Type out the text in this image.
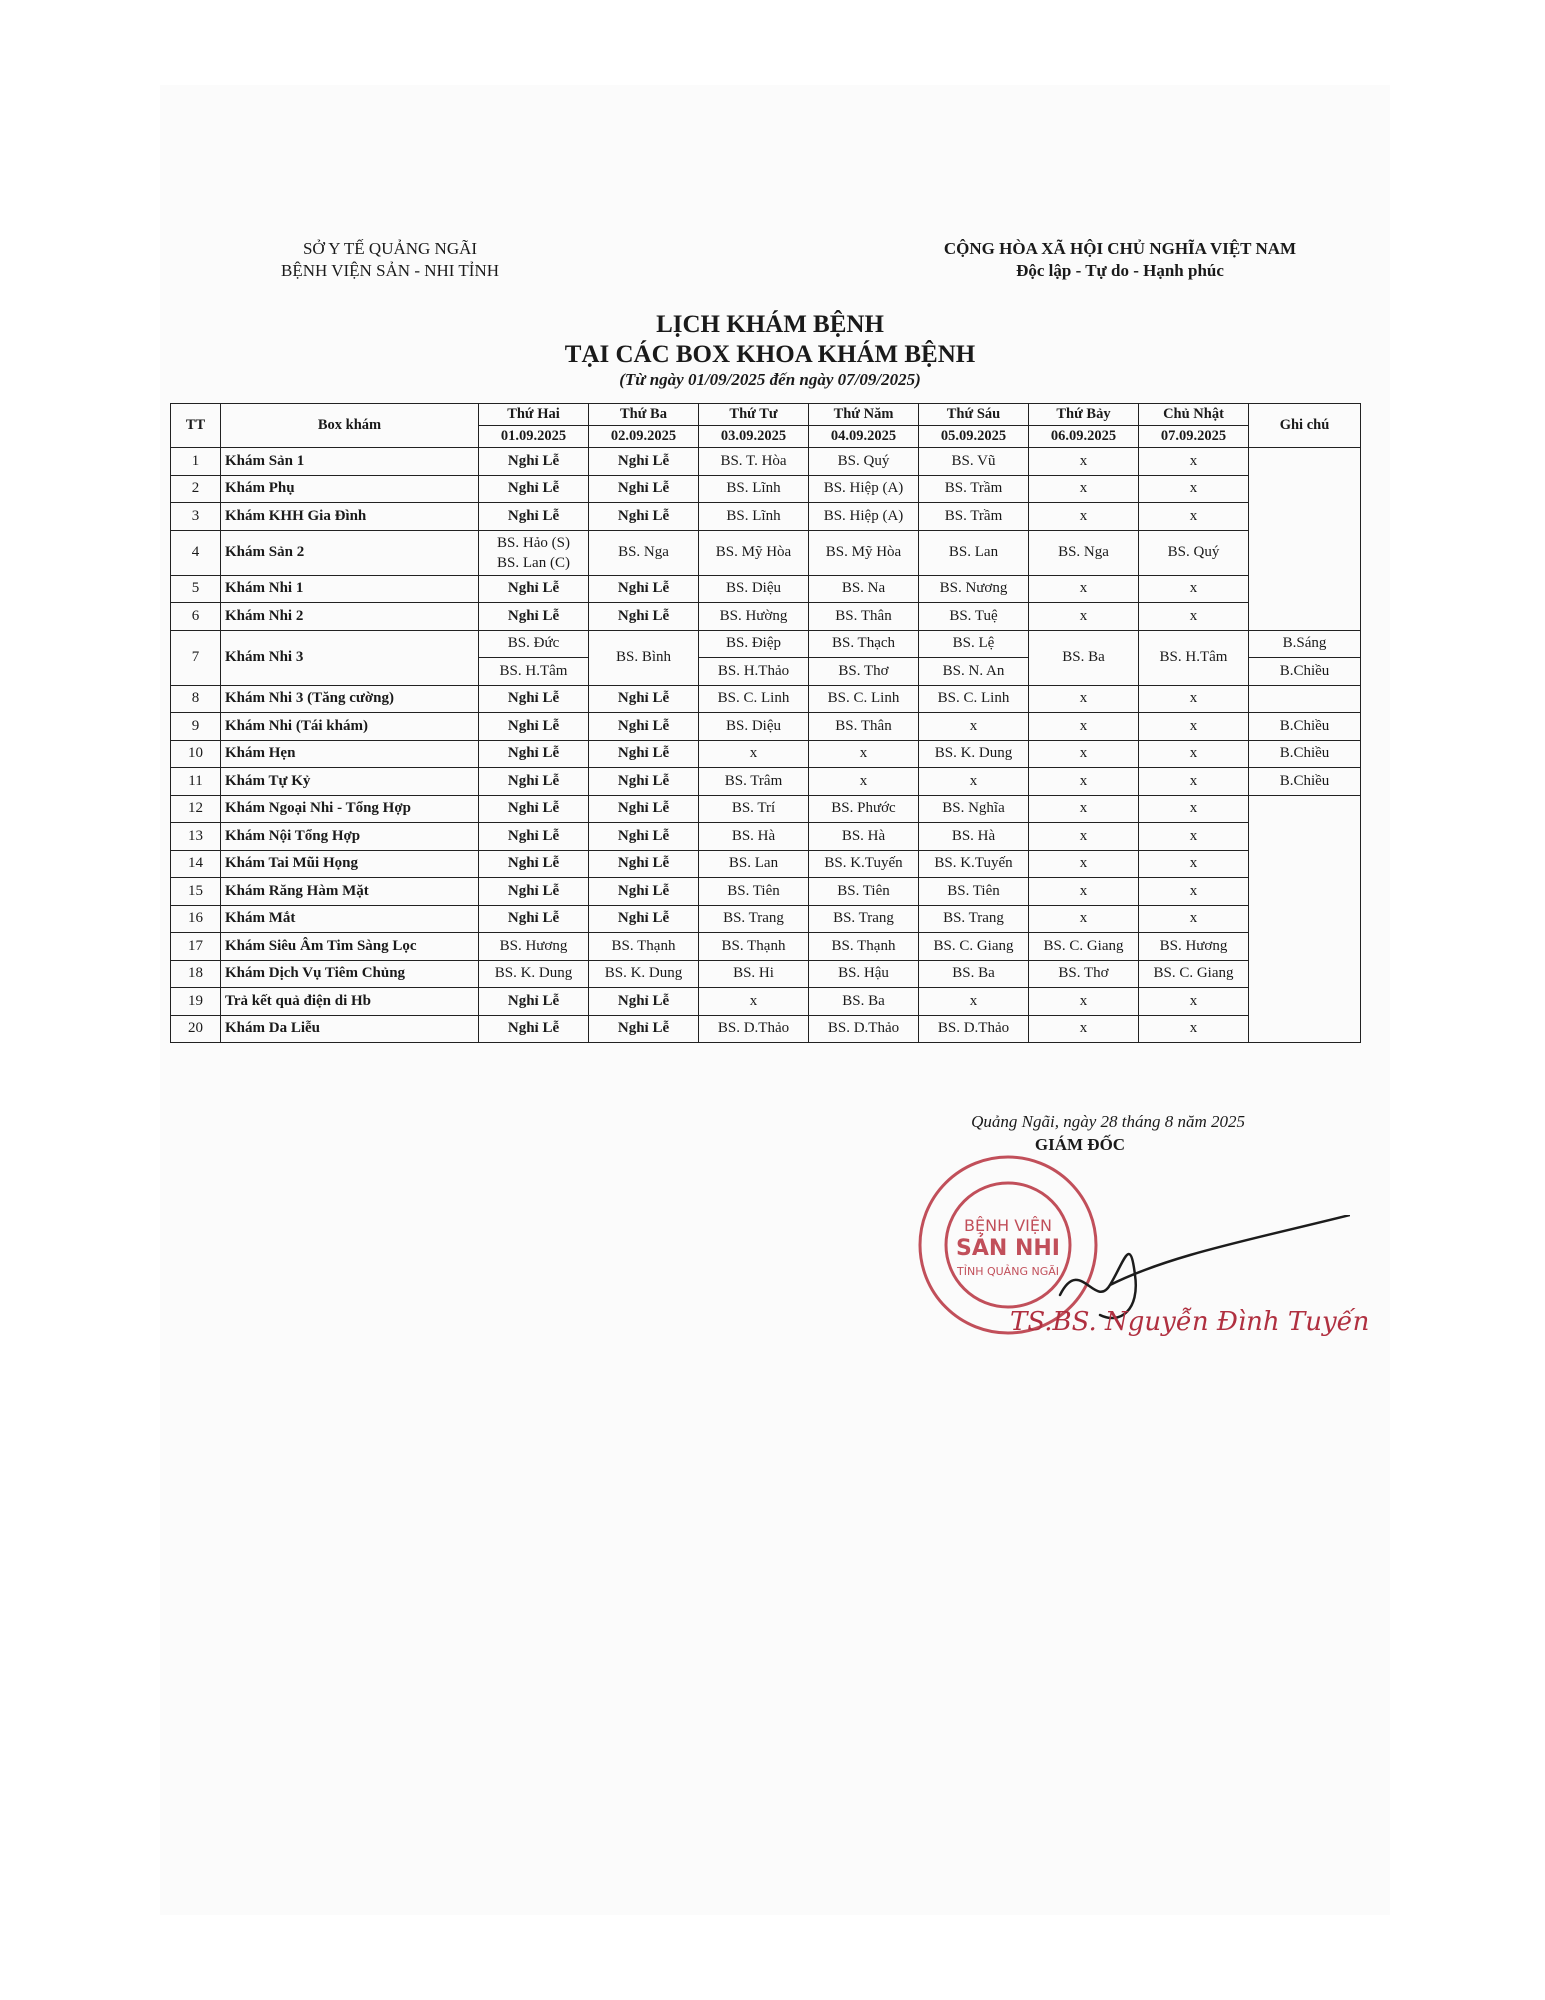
SỞ Y TẾ QUẢNG NGÃI
BỆNH VIỆN SẢN - NHI TỈNH
CỘNG HÒA XÃ HỘI CHỦ NGHĨA VIỆT NAM
Độc lập - Tự do - Hạnh phúc
LỊCH KHÁM BỆNH
TẠI CÁC BOX KHOA KHÁM BỆNH
(Từ ngày 01/09/2025 đến ngày 07/09/2025)
TT	Box khám	Thứ Hai	Thứ Ba	Thứ Tư	Thứ Năm	Thứ Sáu	Thứ Bảy	Chủ Nhật	Ghi chú
		01.09.2025	02.09.2025	03.09.2025	04.09.2025	05.09.2025	06.09.2025	07.09.2025	
1	Khám Sản 1	Nghỉ Lễ	Nghỉ Lễ	BS. T. Hòa	BS. Quý	BS. Vũ	x	x	
2	Khám Phụ	Nghỉ Lễ	Nghỉ Lễ	BS. Lĩnh	BS. Hiệp (A)	BS. Trầm	x	x	
3	Khám KHH Gia Đình	Nghỉ Lễ	Nghỉ Lễ	BS. Lĩnh	BS. Hiệp (A)	BS. Trầm	x	x	
4	Khám Sản 2	BS. Hảo (S)
BS. Lan (C)	BS. Nga	BS. Mỹ Hòa	BS. Mỹ Hòa	BS. Lan	BS. Nga	BS. Quý	
5	Khám Nhi 1	Nghỉ Lễ	Nghỉ Lễ	BS. Diệu	BS. Na	BS. Nương	x	x	
6	Khám Nhi 2	Nghỉ Lễ	Nghỉ Lễ	BS. Hường	BS. Thân	BS. Tuệ	x	x	
7	Khám Nhi 3	BS. Đức	BS. Bình	BS. Điệp	BS. Thạch	BS. Lệ	BS. Ba	BS. H.Tâm	B.Sáng
		BS. H.Tâm		BS. H.Thảo	BS. Thơ	BS. N. An			B.Chiều
8	Khám Nhi 3 (Tăng cường)	Nghỉ Lễ	Nghỉ Lễ	BS. C. Linh	BS. C. Linh	BS. C. Linh	x	x	
9	Khám Nhi (Tái khám)	Nghỉ Lễ	Nghỉ Lễ	BS. Diệu	BS. Thân	x	x	x	B.Chiều
10	Khám Hẹn	Nghỉ Lễ	Nghỉ Lễ	x	x	BS. K. Dung	x	x	B.Chiều
11	Khám Tự Kỷ	Nghỉ Lễ	Nghỉ Lễ	BS. Trâm	x	x	x	x	B.Chiều
12	Khám Ngoại Nhi - Tổng Hợp	Nghỉ Lễ	Nghỉ Lễ	BS. Trí	BS. Phước	BS. Nghĩa	x	x	
13	Khám Nội Tổng Hợp	Nghỉ Lễ	Nghỉ Lễ	BS. Hà	BS. Hà	BS. Hà	x	x	
14	Khám Tai Mũi Họng	Nghỉ Lễ	Nghỉ Lễ	BS. Lan	BS. K.Tuyến	BS. K.Tuyến	x	x	
15	Khám Răng Hàm Mặt	Nghỉ Lễ	Nghỉ Lễ	BS. Tiên	BS. Tiên	BS. Tiên	x	x	
16	Khám Mắt	Nghỉ Lễ	Nghỉ Lễ	BS. Trang	BS. Trang	BS. Trang	x	x	
17	Khám Siêu Âm Tim Sàng Lọc	BS. Hương	BS. Thạnh	BS. Thạnh	BS. Thạnh	BS. C. Giang	BS. C. Giang	BS. Hương	
18	Khám Dịch Vụ Tiêm Chủng	BS. K. Dung	BS. K. Dung	BS. Hi	BS. Hậu	BS. Ba	BS. Thơ	BS. C. Giang	
19	Trả kết quả điện di Hb	Nghỉ Lễ	Nghỉ Lễ	x	BS. Ba	x	x	x	
20	Khám Da Liễu	Nghỉ Lễ	Nghỉ Lễ	BS. D.Thảo	BS. D.Thảo	BS. D.Thảo	x	x	
Quảng Ngãi, ngày 28 tháng 8 năm 2025
GIÁM ĐỐC
BỆNH VIỆN
SẢN NHI
TỈNH QUẢNG NGÃI
TS.BS. Nguyễn Đình Tuyến
